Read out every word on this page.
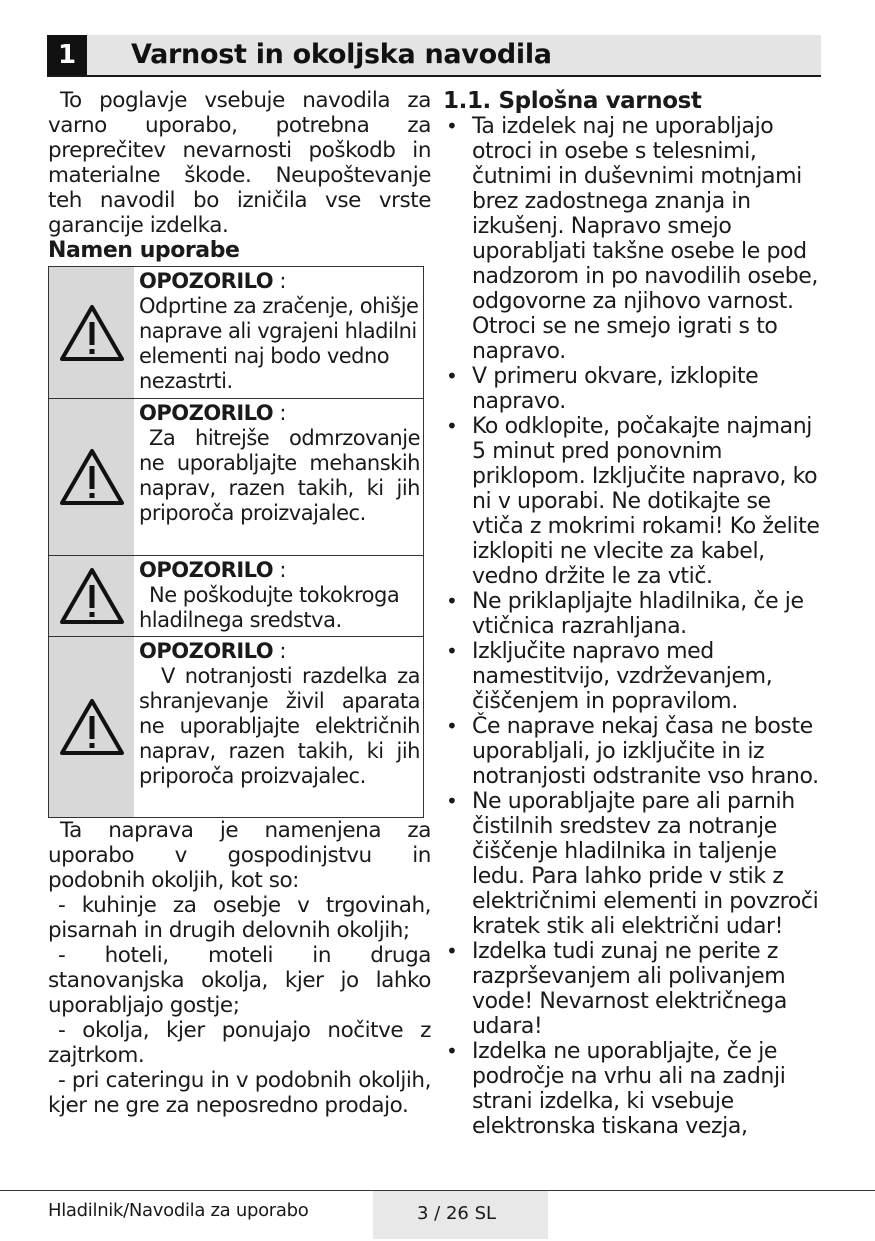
1	Varnost in okoljska navodila

To poglavje vsebuje navodila za varno uporabo, potrebna za preprečitev nevarnosti poškodb in materialne škode. Neupoštevanje teh navodil bo izničila vse vrste garancije izdelka.

Namen uporabe
OPOZORILO :
Odprtine za zračenje, ohišje naprave ali vgrajeni hladilni elementi naj bodo vedno nezastrti.
OPOZORILO :
Za hitrejše odmrzovanje ne uporabljajte mehanskih naprav, razen takih, ki jih priporoča proizvajalec.
OPOZORILO :
Ne poškodujte tokokroga hladilnega sredstva.
OPOZORILO :
V notranjosti razdelka za shranjevanje živil aparata ne uporabljajte električnih naprav, razen takih, ki jih priporoča proizvajalec.

Ta naprava je namenjena za uporabo v gospodinjstvu in podobnih okoljih, kot so:

- kuhinje za osebje v trgovinah, pisarnah in drugih delovnih okoljih;

- hoteli, moteli in druga stanovanjska okolja, kjer jo lahko uporabljajo gostje;

- okolja, kjer ponujajo nočitve z zajtrkom.

- pri cateringu in v podobnih okoljih, kjer ne gre za neposredno prodajo.

1.1. Splošna varnost
• Ta izdelek naj ne uporabljajo otroci in osebe s telesnimi, čutnimi in duševnimi motnjami brez zadostnega znanja in izkušenj. Napravo smejo uporabljati takšne osebe le pod nadzorom in po navodilih osebe, odgovorne za njihovo varnost. Otroci se ne smejo igrati s to napravo.
• V primeru okvare, izklopite napravo.
• Ko odklopite, počakajte najmanj 5 minut pred ponovnim priklopom. Izključite napravo, ko ni v uporabi. Ne dotikajte se vtiča z mokrimi rokami! Ko želite izklopiti ne vlecite za kabel, vedno držite le za vtič.
• Ne priklapljajte hladilnika, če je vtičnica razrahljana.
• Izključite napravo med namestitvijo, vzdrževanjem, čiščenjem in popravilom.
• Če naprave nekaj časa ne boste uporabljali, jo izključite in iz notranjosti odstranite vso hrano.
• Ne uporabljajte pare ali parnih čistilnih sredstev za notranje čiščenje hladilnika in taljenje ledu. Para lahko pride v stik z električnimi elementi in povzroči kratek stik ali električni udar!
• Izdelka tudi zunaj ne perite z razprševanjem ali polivanjem vode! Nevarnost električnega udara!
• Izdelka ne uporabljajte, če je področje na vrhu ali na zadnji strani izdelka, ki vsebuje elektronska tiskana vezja,
Hladilnik/Navodila za uporabo	3 / 26 SL
